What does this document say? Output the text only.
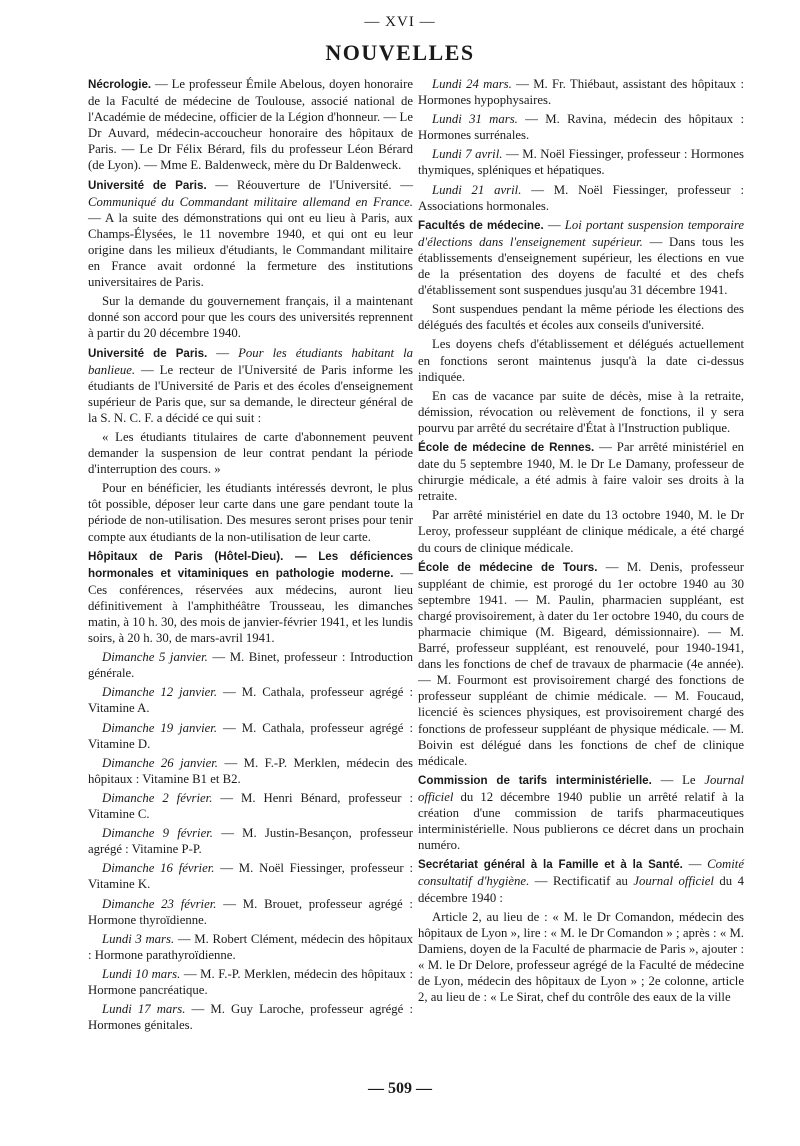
— XVI —
NOUVELLES

Nécrologie. — Le professeur Émile Abelous, doyen honoraire de la Faculté de médecine de Toulouse, associé national de l'Académie de médecine, officier de la Légion d'honneur. — Le Dr Auvard, médecin-accoucheur honoraire des hôpitaux de Paris. — Le Dr Félix Bérard, fils du professeur Léon Bérard (de Lyon). — Mme E. Baldenweck, mère du Dr Baldenweck.

Université de Paris. — Réouverture de l'Université. — Communiqué du Commandant militaire allemand en France. — A la suite des démonstrations qui ont eu lieu à Paris, aux Champs-Élysées, le 11 novembre 1940, et qui ont eu leur origine dans les milieux d'étudiants, le Commandant militaire en France avait ordonné la fermeture des institutions universitaires de Paris.

Sur la demande du gouvernement français, il a maintenant donné son accord pour que les cours des universités reprennent à partir du 20 décembre 1940.

Université de Paris. — Pour les étudiants habitant la banlieue. — Le recteur de l'Université de Paris informe les étudiants de l'Université de Paris et des écoles d'enseignement supérieur de Paris que, sur sa demande, le directeur général de la S. N. C. F. a décidé ce qui suit :

« Les étudiants titulaires de carte d'abonnement peuvent demander la suspension de leur contrat pendant la période d'interruption des cours. »

Pour en bénéficier, les étudiants intéressés devront, le plus tôt possible, déposer leur carte dans une gare pendant toute la période de non-utilisation. Des mesures seront prises pour tenir compte aux étudiants de la non-utilisation de leur carte.

Hôpitaux de Paris (Hôtel-Dieu). — Les déficiences hormonales et vitaminiques en pathologie moderne. — Ces conférences, réservées aux médecins, auront lieu définitivement à l'amphithéâtre Trousseau, les dimanches matin, à 10 h. 30, des mois de janvier-février 1941, et les lundis soirs, à 20 h. 30, de mars-avril 1941.

Dimanche 5 janvier. — M. Binet, professeur : Introduction générale.

Dimanche 12 janvier. — M. Cathala, professeur agrégé : Vitamine A.

Dimanche 19 janvier. — M. Cathala, professeur agrégé : Vitamine D.

Dimanche 26 janvier. — M. F.-P. Merklen, médecin des hôpitaux : Vitamine B1 et B2.

Dimanche 2 février. — M. Henri Bénard, professeur : Vitamine C.

Dimanche 9 février. — M. Justin-Besançon, professeur agrégé : Vitamine P-P.

Dimanche 16 février. — M. Noël Fiessinger, professeur : Vitamine K.

Dimanche 23 février. — M. Brouet, professeur agrégé : Hormone thyroïdienne.

Lundi 3 mars. — M. Robert Clément, médecin des hôpitaux : Hormone parathyroïdienne.

Lundi 10 mars. — M. F.-P. Merklen, médecin des hôpitaux : Hormone pancréatique.

Lundi 17 mars. — M. Guy Laroche, professeur agrégé : Hormones génitales.

Lundi 24 mars. — M. Fr. Thiébaut, assistant des hôpitaux : Hormones hypophysaires.

Lundi 31 mars. — M. Ravina, médecin des hôpitaux : Hormones surrénales.

Lundi 7 avril. — M. Noël Fiessinger, professeur : Hormones thymiques, spléniques et hépatiques.

Lundi 21 avril. — M. Noël Fiessinger, professeur : Associations hormonales.

Facultés de médecine. — Loi portant suspension temporaire d'élections dans l'enseignement supérieur. — Dans tous les établissements d'enseignement supérieur, les élections en vue de la présentation des doyens de faculté et des chefs d'établissement sont suspendues jusqu'au 31 décembre 1941.

Sont suspendues pendant la même période les élections des délégués des facultés et écoles aux conseils d'université.

Les doyens chefs d'établissement et délégués actuellement en fonctions seront maintenus jusqu'à la date ci-dessus indiquée.

En cas de vacance par suite de décès, mise à la retraite, démission, révocation ou relèvement de fonctions, il y sera pourvu par arrêté du secrétaire d'État à l'Instruction publique.

École de médecine de Rennes. — Par arrêté ministériel en date du 5 septembre 1940, M. le Dr Le Damany, professeur de chirurgie médicale, a été admis à faire valoir ses droits à la retraite.

Par arrêté ministériel en date du 13 octobre 1940, M. le Dr Leroy, professeur suppléant de clinique médicale, a été chargé du cours de clinique médicale.

École de médecine de Tours. — M. Denis, professeur suppléant de chimie, est prorogé du 1er octobre 1940 au 30 septembre 1941. — M. Paulin, pharmacien suppléant, est chargé provisoirement, à dater du 1er octobre 1940, du cours de pharmacie chimique (M. Bigeard, démissionnaire). — M. Barré, professeur suppléant, est renouvelé, pour 1940-1941, dans les fonctions de chef de travaux de pharmacie (4e année). — M. Fourmont est provisoirement chargé des fonctions de professeur suppléant de chimie médicale. — M. Foucaud, licencié ès sciences physiques, est provisoirement chargé des fonctions de professeur suppléant de physique médicale. — M. Boivin est délégué dans les fonctions de chef de clinique médicale.

Commission de tarifs interministérielle. — Le Journal officiel du 12 décembre 1940 publie un arrêté relatif à la création d'une commission de tarifs pharmaceutiques interministérielle. Nous publierons ce décret dans un prochain numéro.

Secrétariat général à la Famille et à la Santé. — Comité consultatif d'hygiène. — Rectificatif au Journal officiel du 4 décembre 1940 :

Article 2, au lieu de : « M. le Dr Comandon, médecin des hôpitaux de Lyon », lire : « M. le Dr Comandon » ; après : « M. Damiens, doyen de la Faculté de pharmacie de Paris », ajouter : « M. le Dr Delore, professeur agrégé de la Faculté de médecine de Lyon, médecin des hôpitaux de Lyon » ; 2e colonne, article 2, au lieu de : « Le Sirat, chef du contrôle des eaux de la ville

— 509 —
